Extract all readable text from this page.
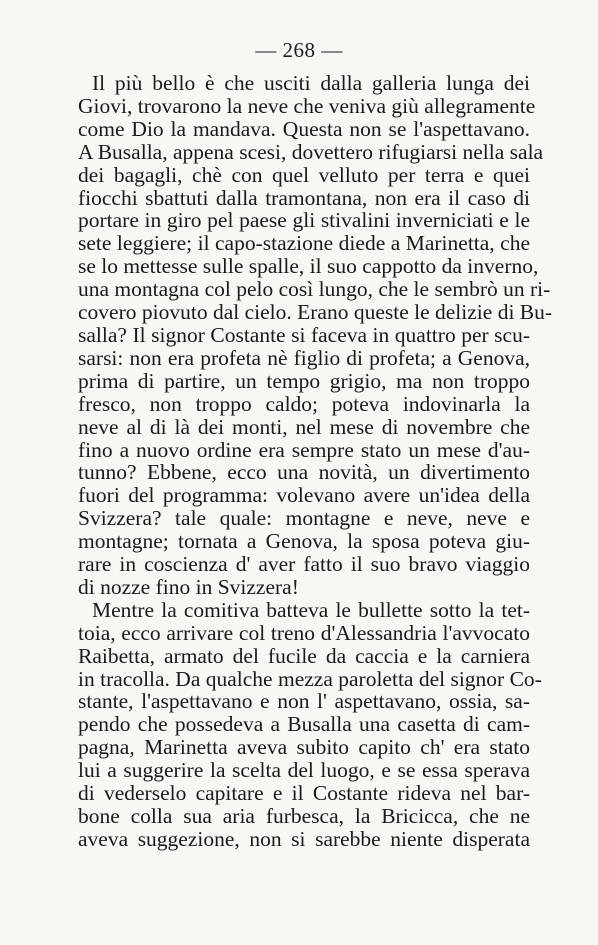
— 268 —
Il più bello è che usciti dalla galleria lunga dei
Giovi, trovarono la neve che veniva giù allegramente
come Dio la mandava. Questa non se l'aspettavano.
A Busalla, appena scesi, dovettero rifugiarsi nella sala
dei bagagli, chè con quel velluto per terra e quei
fiocchi sbattuti dalla tramontana, non era il caso di
portare in giro pel paese gli stivalini inverniciati e le
sete leggiere; il capo-stazione diede a Marinetta, che
se lo mettesse sulle spalle, il suo cappotto da inverno,
una montagna col pelo così lungo, che le sembrò un ri-
covero piovuto dal cielo. Erano queste le delizie di Bu-
salla? Il signor Costante si faceva in quattro per scu-
sarsi: non era profeta nè figlio di profeta; a Genova,
prima di partire, un tempo grigio, ma non troppo
fresco, non troppo caldo; poteva indovinarla la
neve al di là dei monti, nel mese di novembre che
fino a nuovo ordine era sempre stato un mese d'au-
tunno? Ebbene, ecco una novità, un divertimento
fuori del programma: volevano avere un'idea della
Svizzera? tale quale: montagne e neve, neve e
montagne; tornata a Genova, la sposa poteva giu-
rare in coscienza d' aver fatto il suo bravo viaggio
di nozze fino in Svizzera!
Mentre la comitiva batteva le bullette sotto la tet-
toia, ecco arrivare col treno d'Alessandria l'avvocato
Raibetta, armato del fucile da caccia e la carniera
in tracolla. Da qualche mezza paroletta del signor Co-
stante, l'aspettavano e non l' aspettavano, ossia, sa-
pendo che possedeva a Busalla una casetta di cam-
pagna, Marinetta aveva subito capito ch' era stato
lui a suggerire la scelta del luogo, e se essa sperava
di vederselo capitare e il Costante rideva nel bar-
bone colla sua aria furbesca, la Bricicca, che ne
aveva suggezione, non si sarebbe niente disperata
